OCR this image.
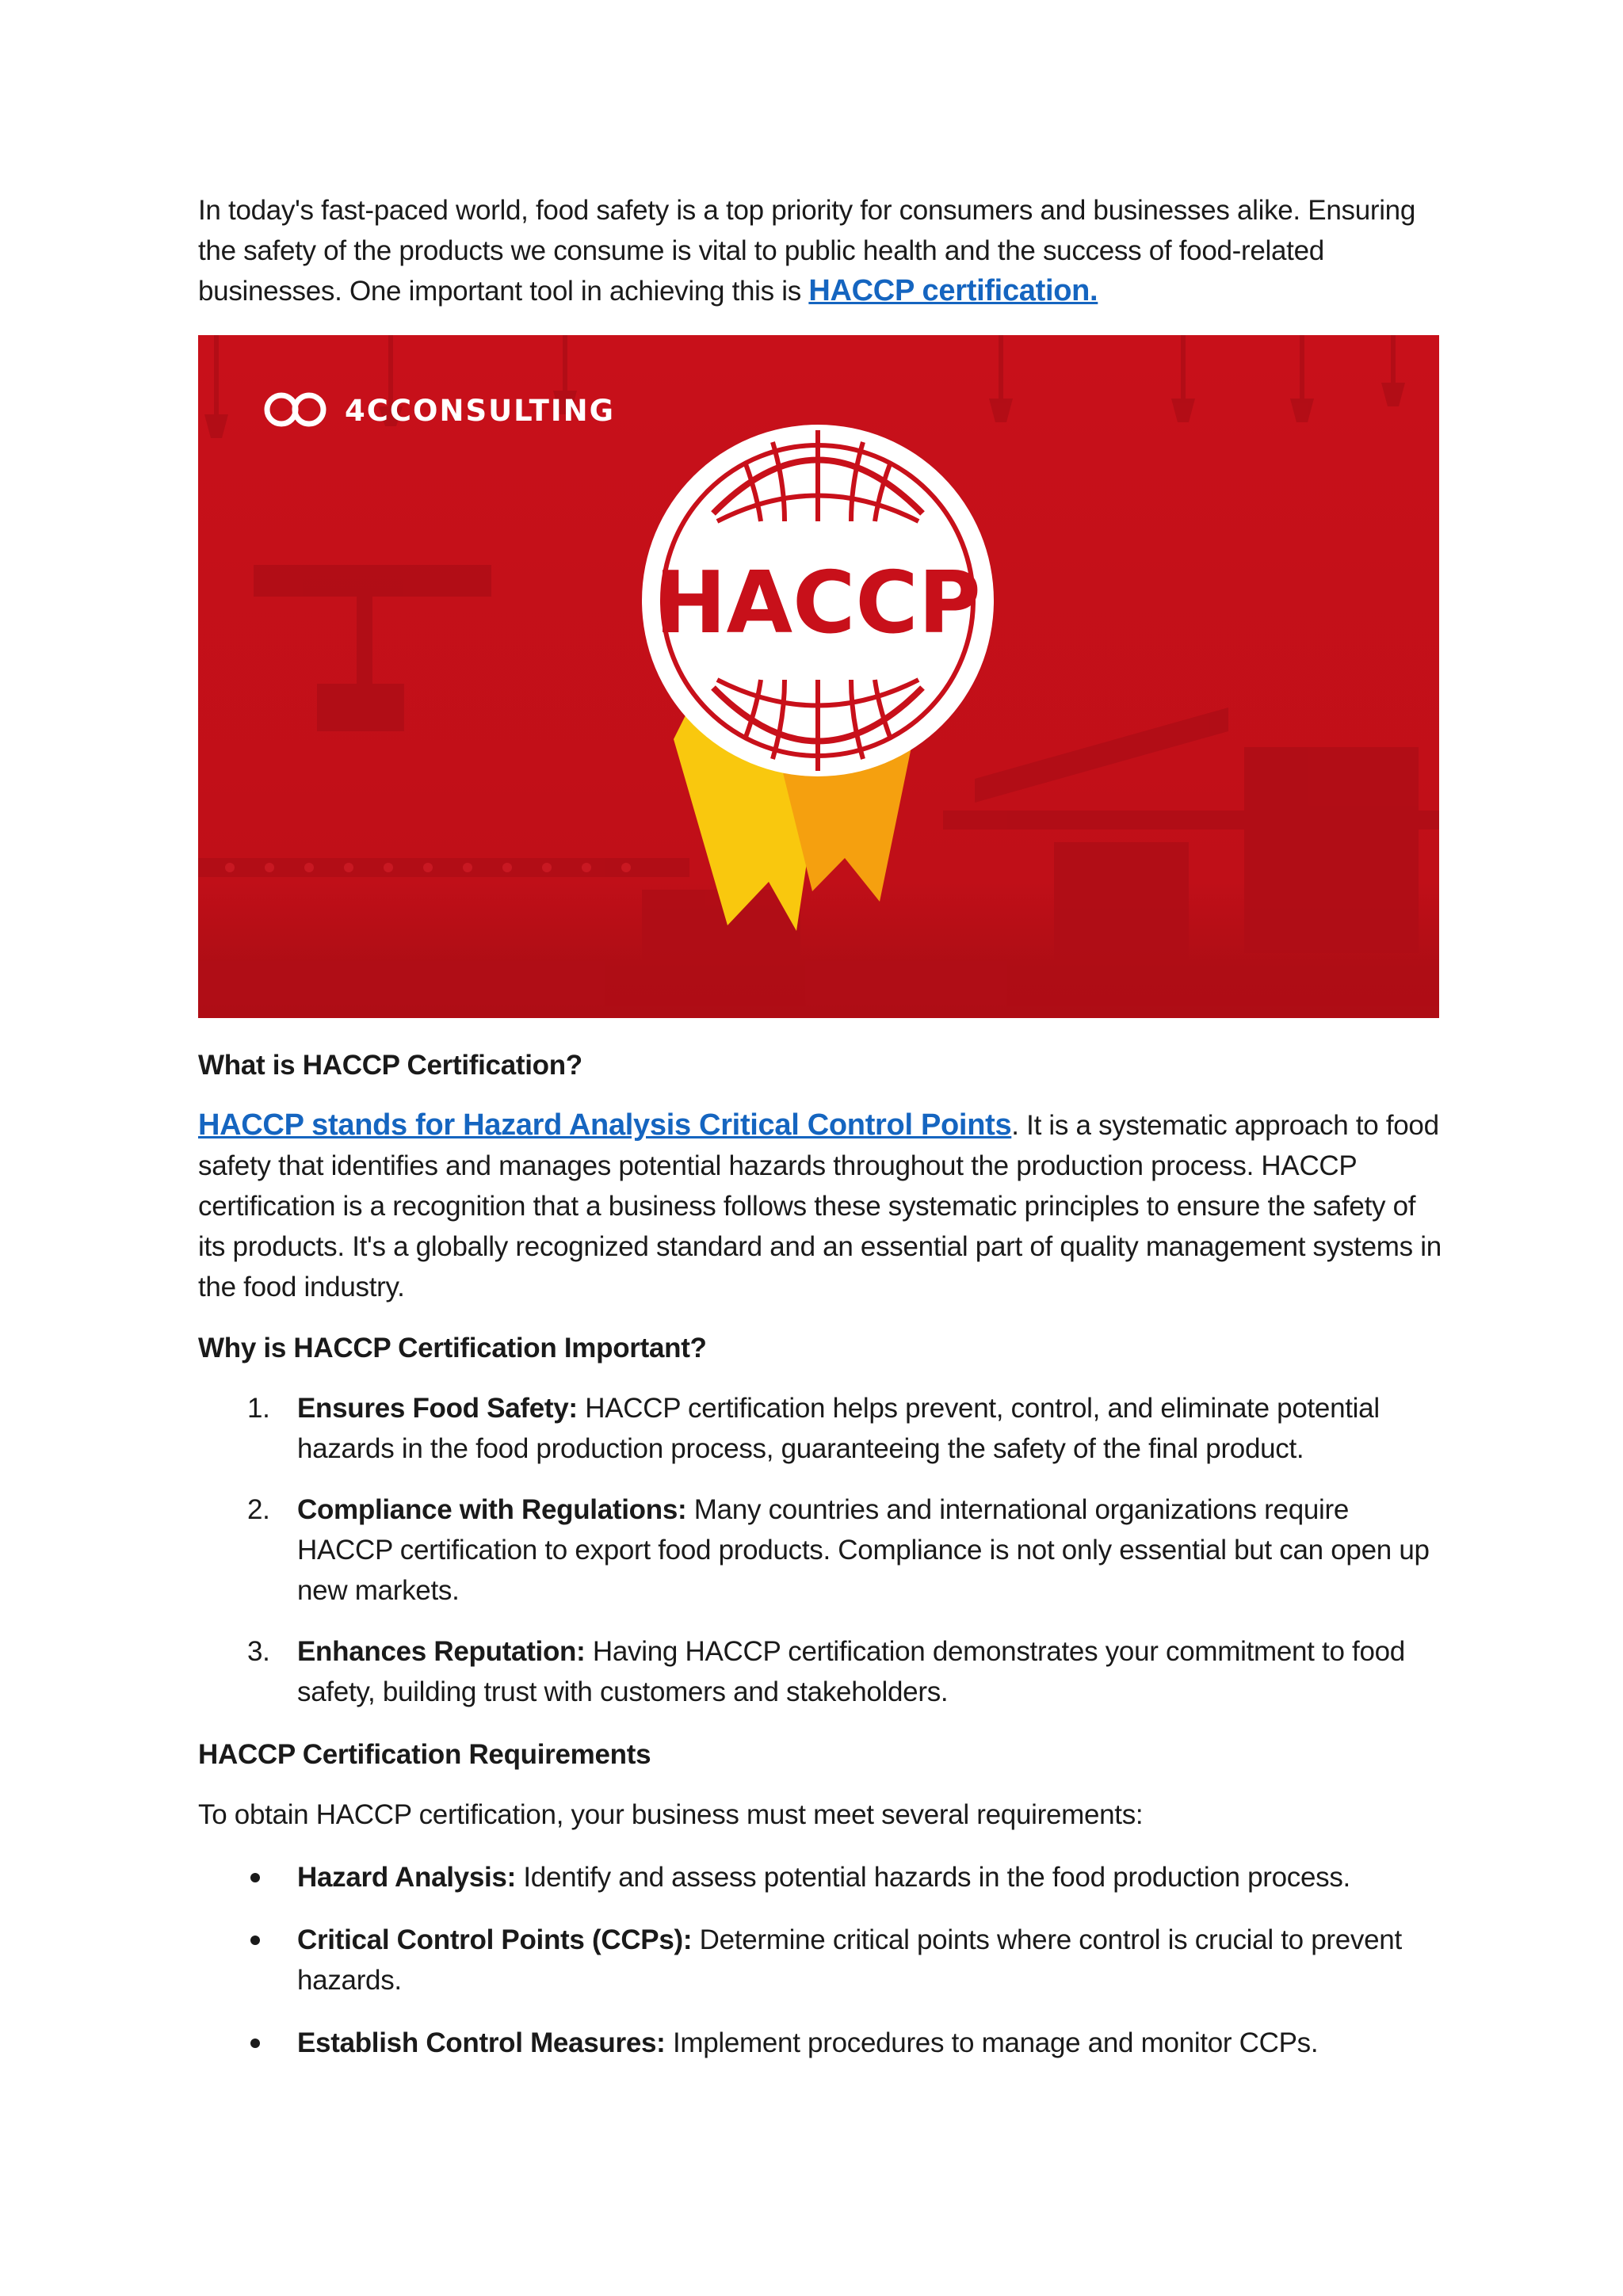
In today's fast-paced world, food safety is a top priority for consumers and businesses alike. Ensuring the safety of the products we consume is vital to public health and the success of food-related businesses. One important tool in achieving this is HACCP certification.

4CCONSULTING
HACCP
What is HACCP Certification?

HACCP stands for Hazard Analysis Critical Control Points. It is a systematic approach to food safety that identifies and manages potential hazards throughout the production process. HACCP certification is a recognition that a business follows these systematic principles to ensure the safety of its products. It's a globally recognized standard and an essential part of quality management systems in the food industry.

Why is HACCP Certification Important?
1. Ensures Food Safety: HACCP certification helps prevent, control, and eliminate potential hazards in the food production process, guaranteeing the safety of the final product.
2. Compliance with Regulations: Many countries and international organizations require HACCP certification to export food products. Compliance is not only essential but can open up new markets.
3. Enhances Reputation: Having HACCP certification demonstrates your commitment to food safety, building trust with customers and stakeholders.
HACCP Certification Requirements

To obtain HACCP certification, your business must meet several requirements:

Hazard Analysis: Identify and assess potential hazards in the food production process.
Critical Control Points (CCPs): Determine critical points where control is crucial to prevent hazards.
Establish Control Measures: Implement procedures to manage and monitor CCPs.
